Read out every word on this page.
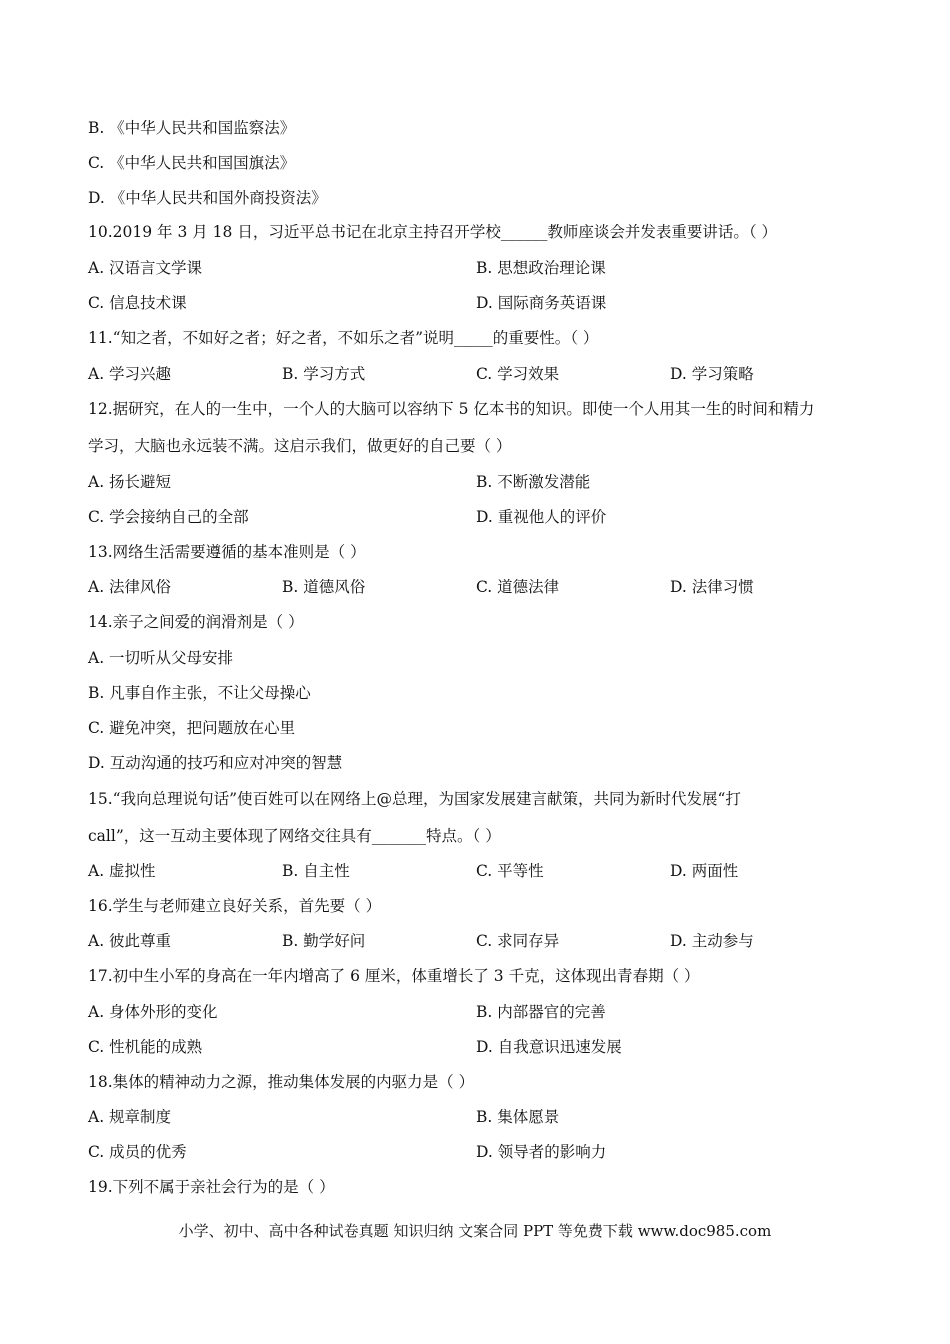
B. 《中华人民共和国监察法》
C. 《中华人民共和国国旗法》
D. 《中华人民共和国外商投资法》
10.2019 年 3 月 18 日，习近平总书记在北京主持召开学校______教师座谈会并发表重要讲话。（ ）
A. 汉语言文学课	B. 思想政治理论课
C. 信息技术课	D. 国际商务英语课
11.“知之者，不如好之者；好之者，不如乐之者”说明_____的重要性。（ ）
A. 学习兴趣	B. 学习方式	C. 学习效果	D. 学习策略
12.据研究，在人的一生中，一个人的大脑可以容纳下 5 亿本书的知识。即使一个人用其一生的时间和精力
学习，大脑也永远装不满。这启示我们，做更好的自己要（ ）
A. 扬长避短	B. 不断激发潜能
C. 学会接纳自己的全部	D. 重视他人的评价
13.网络生活需要遵循的基本准则是（ ）
A. 法律风俗	B. 道德风俗	C. 道德法律	D. 法律习惯
14.亲子之间爱的润滑剂是（ ）
A. 一切听从父母安排
B. 凡事自作主张，不让父母操心
C. 避免冲突，把问题放在心里
D. 互动沟通的技巧和应对冲突的智慧
15.“我向总理说句话”使百姓可以在网络上@总理，为国家发展建言献策，共同为新时代发展“打
call”，这一互动主要体现了网络交往具有_______特点。（ ）
A. 虚拟性	B. 自主性	C. 平等性	D. 两面性
16.学生与老师建立良好关系，首先要（ ）
A. 彼此尊重	B. 勤学好问	C. 求同存异	D. 主动参与
17.初中生小军的身高在一年内增高了 6 厘米，体重增长了 3 千克，这体现出青春期（ ）
A. 身体外形的变化	B. 内部器官的完善
C. 性机能的成熟	D. 自我意识迅速发展
18.集体的精神动力之源，推动集体发展的内驱力是（ ）
A. 规章制度	B. 集体愿景
C. 成员的优秀	D. 领导者的影响力
19.下列不属于亲社会行为的是（ ）
小学、初中、高中各种试卷真题 知识归纳 文案合同 PPT 等免费下载 www.doc985.com
